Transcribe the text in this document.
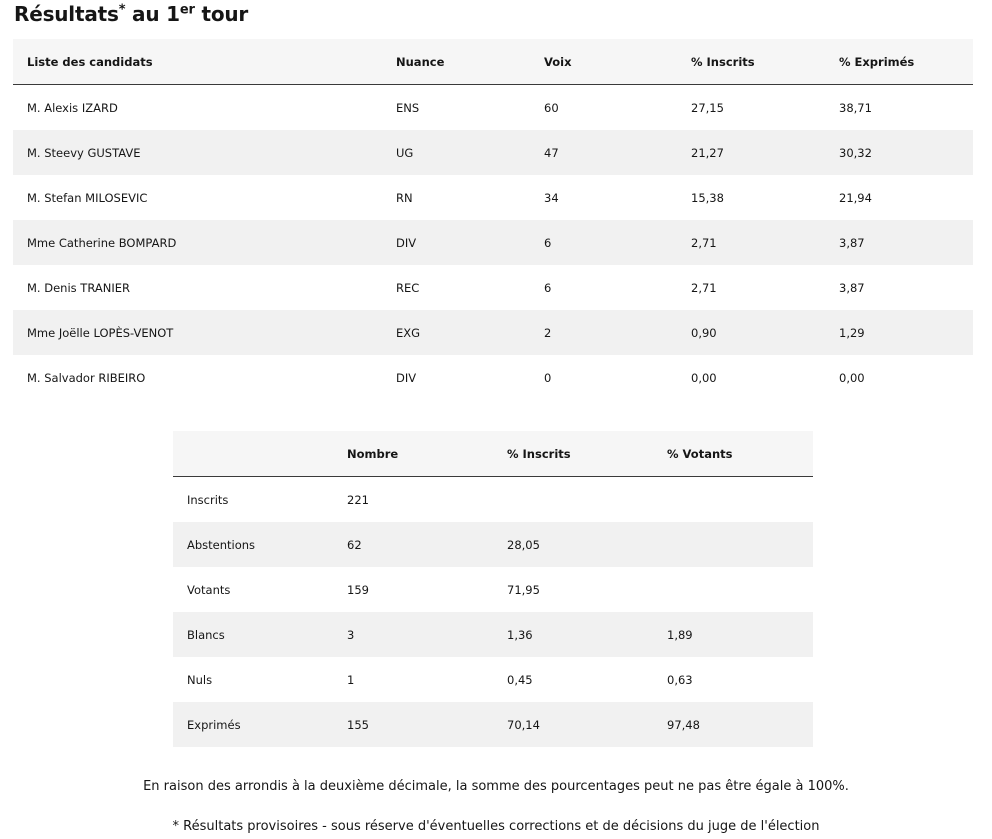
Résultats* au 1er tour
Liste des candidats	Nuance	Voix	% Inscrits	% Exprimés
M. Alexis IZARD	ENS	60	27,15	38,71
M. Steevy GUSTAVE	UG	47	21,27	30,32
M. Stefan MILOSEVIC	RN	34	15,38	21,94
Mme Catherine BOMPARD	DIV	6	2,71	3,87
M. Denis TRANIER	REC	6	2,71	3,87
Mme Joëlle LOPÈS-VENOT	EXG	2	0,90	1,29
M. Salvador RIBEIRO	DIV	0	0,00	0,00
	Nombre	% Inscrits	% Votants
Inscrits	221		
Abstentions	62	28,05	
Votants	159	71,95	
Blancs	3	1,36	1,89
Nuls	1	0,45	0,63
Exprimés	155	70,14	97,48

En raison des arrondis à la deuxième décimale, la somme des pourcentages peut ne pas être égale à 100%.

* Résultats provisoires - sous réserve d'éventuelles corrections et de décisions du juge de l'élection
